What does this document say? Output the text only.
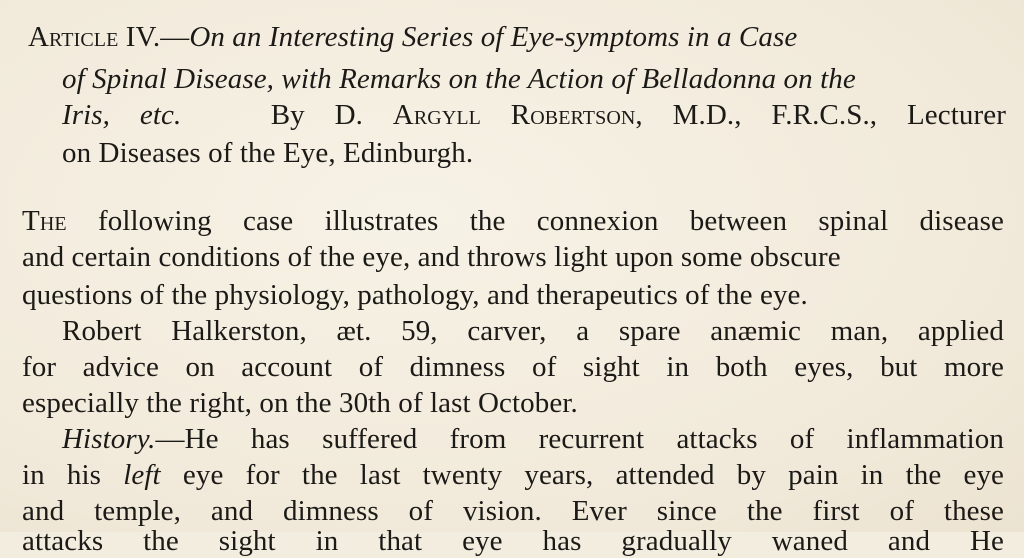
Article IV.—On an Interesting Series of Eye-symptoms in a Case
of Spinal Disease, with Remarks on the Action of Belladonna on the
Iris, etc.	By D. Argyll Robertson, M.D., F.R.C.S., Lecturer
on Diseases of the Eye, Edinburgh.
The following case illustrates the connexion between spinal disease
and certain conditions of the eye, and throws light upon some obscure
questions of the physiology, pathology, and therapeutics of the eye.
Robert Halkerston, æt. 59, carver, a spare anæmic man, applied
for advice on account of dimness of sight in both eyes, but more
especially the right, on the 30th of last October.
History.—He has suffered from recurrent attacks of inflammation
in his left eye for the last twenty years, attended by pain in the eye
and temple, and dimness of vision. Ever since the first of these
attacks the sight in that eye has gradually waned and He
